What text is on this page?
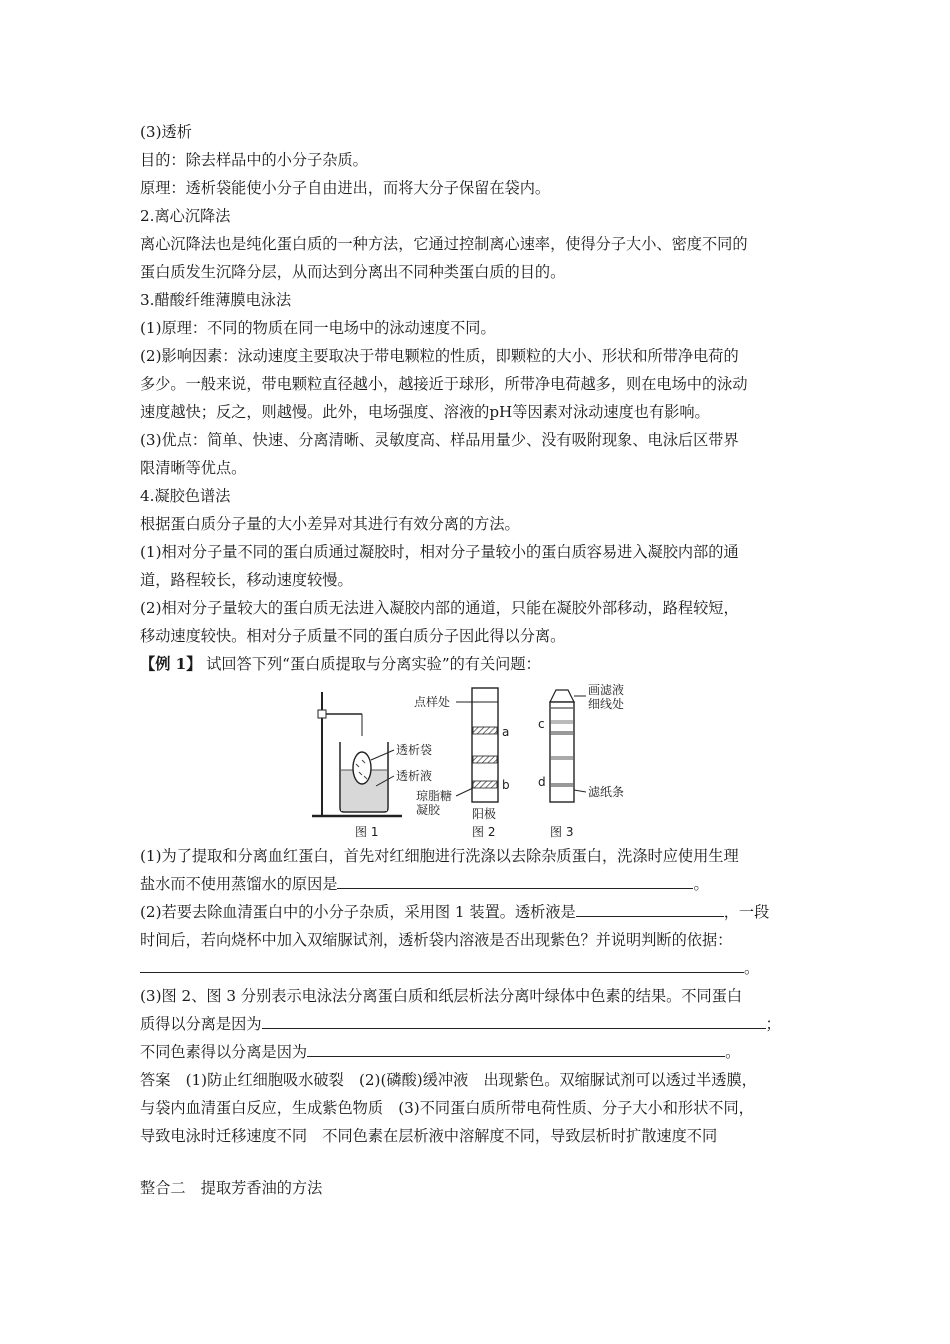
(3)透析
目的：除去样品中的小分子杂质。
原理：透析袋能使小分子自由进出，而将大分子保留在袋内。
2.离心沉降法
离心沉降法也是纯化蛋白质的一种方法，它通过控制离心速率，使得分子大小、密度不同的
蛋白质发生沉降分层，从而达到分离出不同种类蛋白质的目的。
3.醋酸纤维薄膜电泳法
(1)原理：不同的物质在同一电场中的泳动速度不同。
(2)影响因素：泳动速度主要取决于带电颗粒的性质，即颗粒的大小、形状和所带净电荷的
多少。一般来说，带电颗粒直径越小，越接近于球形，所带净电荷越多，则在电场中的泳动
速度越快；反之，则越慢。此外，电场强度、溶液的pH等因素对泳动速度也有影响。
(3)优点：简单、快速、分离清晰、灵敏度高、样品用量少、没有吸附现象、电泳后区带界
限清晰等优点。
4.凝胶色谱法
根据蛋白质分子量的大小差异对其进行有效分离的方法。
(1)相对分子量不同的蛋白质通过凝胶时，相对分子量较小的蛋白质容易进入凝胶内部的通
道，路程较长，移动速度较慢。
(2)相对分子量较大的蛋白质无法进入凝胶内部的通道，只能在凝胶外部移动，路程较短，
移动速度较快。相对分子质量不同的蛋白质分子因此得以分离。
【例 1】 试回答下列“蛋白质提取与分离实验”的有关问题：
透析袋
透析液
图 1
点样处
a
b
琼脂糖
凝胶	阳极
图 2
c
d
画滤液
细线处
滤纸条
图 3
(1)为了提取和分离血红蛋白，首先对红细胞进行洗涤以去除杂质蛋白，洗涤时应使用生理
盐水而不使用蒸馏水的原因是	。
(2)若要去除血清蛋白中的小分子杂质，采用图 1 装置。透析液是	，一段
时间后，若向烧杯中加入双缩脲试剂，透析袋内溶液是否出现紫色？并说明判断的依据：
。
(3)图 2、图 3 分别表示电泳法分离蛋白质和纸层析法分离叶绿体中色素的结果。不同蛋白
质得以分离是因为	；
不同色素得以分离是因为	。
答案　(1)防止红细胞吸水破裂　(2)(磷酸)缓冲液　出现紫色。双缩脲试剂可以透过半透膜，
与袋内血清蛋白反应，生成紫色物质　(3)不同蛋白质所带电荷性质、分子大小和形状不同，
导致电泳时迁移速度不同　不同色素在层析液中溶解度不同，导致层析时扩散速度不同
整合二　提取芳香油的方法
